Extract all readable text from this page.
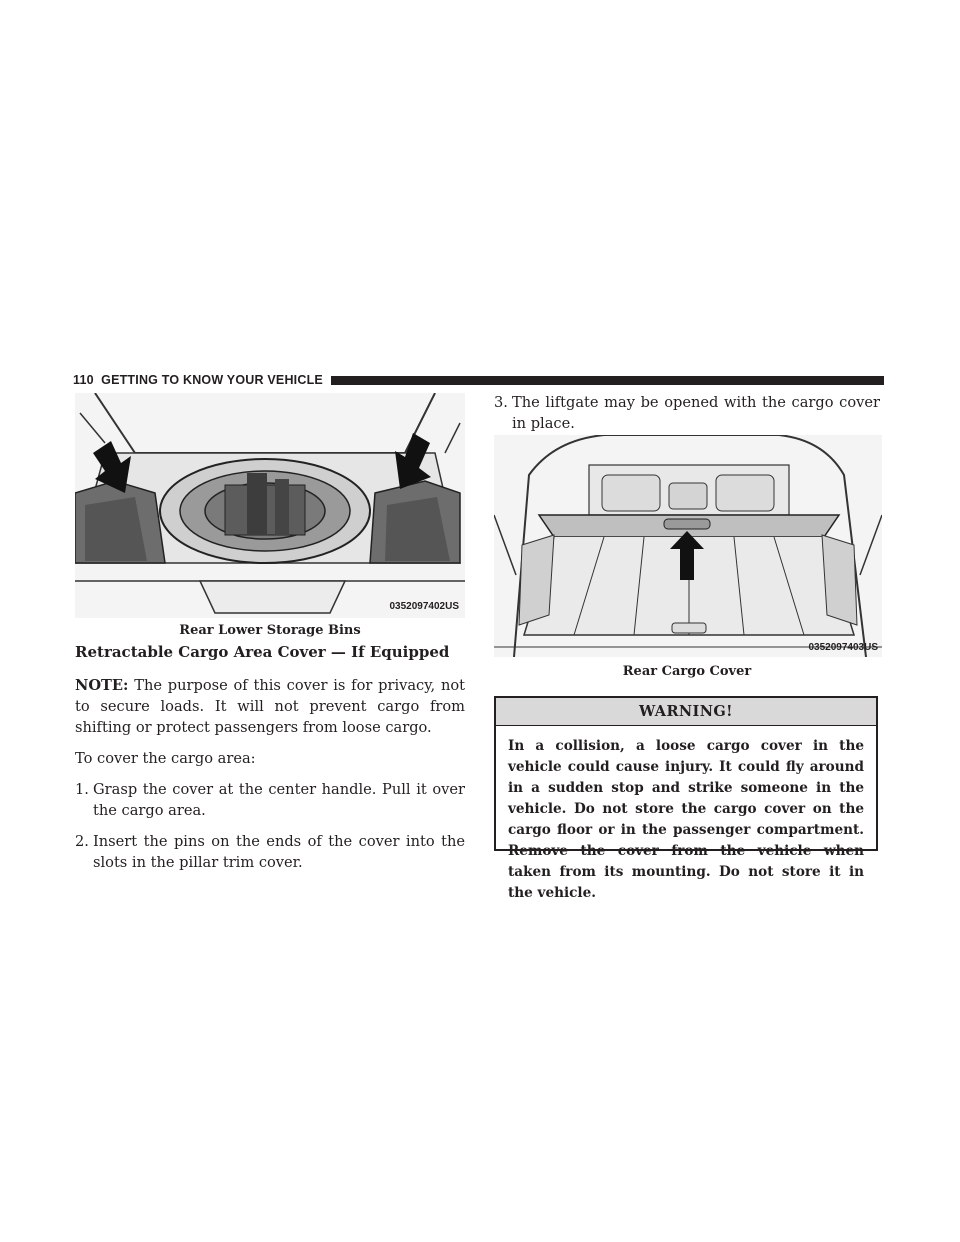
110 GETTING TO KNOW YOUR VEHICLE
0352097402US
Rear Lower Storage Bins
Retractable Cargo Area Cover — If Equipped

NOTE: The purpose of this cover is for privacy, not to secure loads. It will not prevent cargo from shifting or protect passengers from loose cargo.

To cover the cargo area:

1. Grasp the cover at the center handle. Pull it over the cargo area.
2. Insert the pins on the ends of the cover into the slots in the pillar trim cover.
3. The liftgate may be opened with the cargo cover in place.
0352097403US
Rear Cargo Cover
WARNING!
In a collision, a loose cargo cover in the vehicle could cause injury. It could fly around in a sudden stop and strike someone in the vehicle. Do not store the cargo cover on the cargo floor or in the passenger compartment. Remove the cover from the vehicle when taken from its mounting. Do not store it in the vehicle.
